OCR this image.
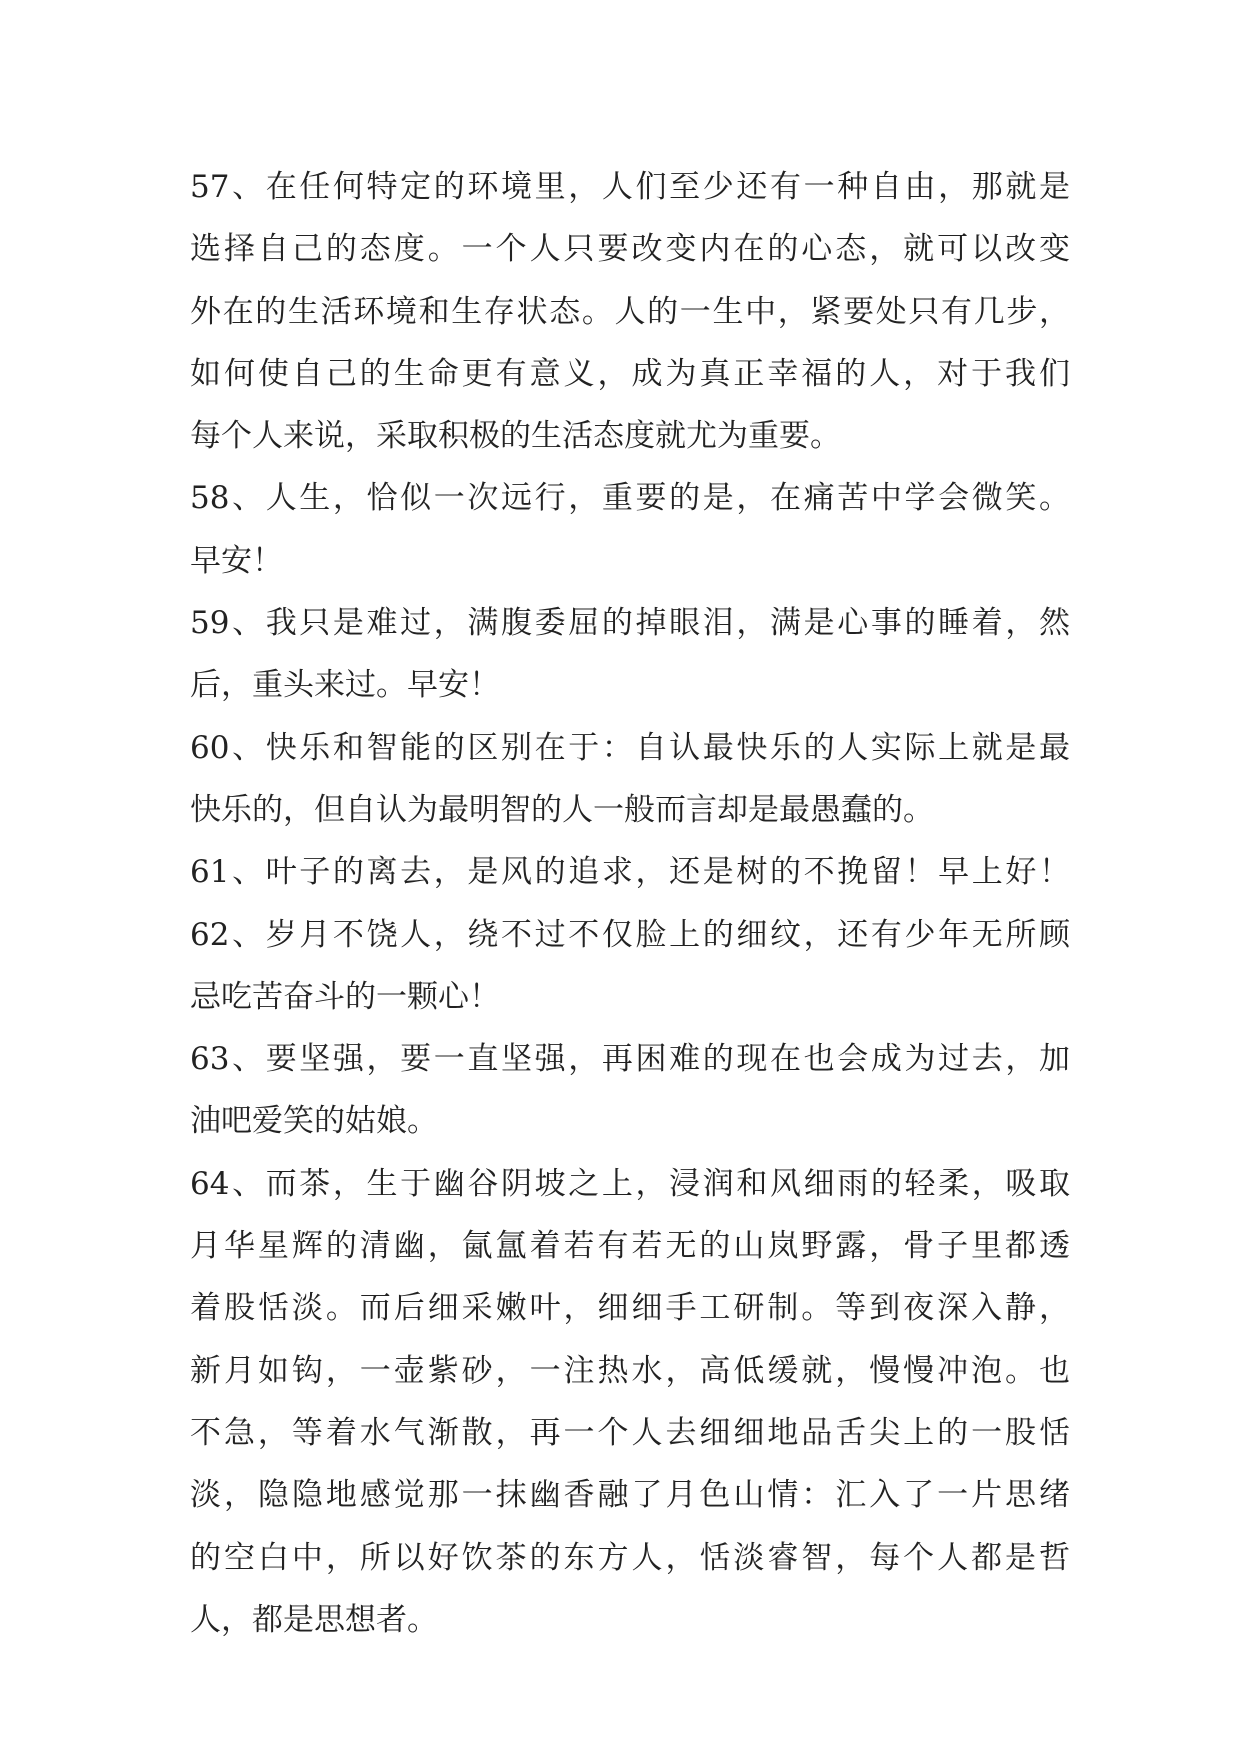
57、在任何特定的环境里，人们至少还有一种自由，那就是
选择自己的态度。一个人只要改变内在的心态，就可以改变
外在的生活环境和生存状态。人的一生中，紧要处只有几步，
如何使自己的生命更有意义，成为真正幸福的人，对于我们
每个人来说，采取积极的生活态度就尤为重要。
58、人生，恰似一次远行，重要的是，在痛苦中学会微笑。
早安！
59、我只是难过，满腹委屈的掉眼泪，满是心事的睡着，然
后，重头来过。早安！
60、快乐和智能的区别在于：自认最快乐的人实际上就是最
快乐的，但自认为最明智的人一般而言却是最愚蠢的。
61、叶子的离去，是风的追求，还是树的不挽留！早上好！
62、岁月不饶人，绕不过不仅脸上的细纹，还有少年无所顾
忌吃苦奋斗的一颗心！
63、要坚强，要一直坚强，再困难的现在也会成为过去，加
油吧爱笑的姑娘。
64、而茶，生于幽谷阴坡之上，浸润和风细雨的轻柔，吸取
月华星辉的清幽，氤氲着若有若无的山岚野露，骨子里都透
着股恬淡。而后细采嫩叶，细细手工研制。等到夜深入静，
新月如钩，一壶紫砂，一注热水，高低缓就，慢慢冲泡。也
不急，等着水气渐散，再一个人去细细地品舌尖上的一股恬
淡，隐隐地感觉那一抹幽香融了月色山情：汇入了一片思绪
的空白中，所以好饮茶的东方人，恬淡睿智，每个人都是哲
人，都是思想者。
